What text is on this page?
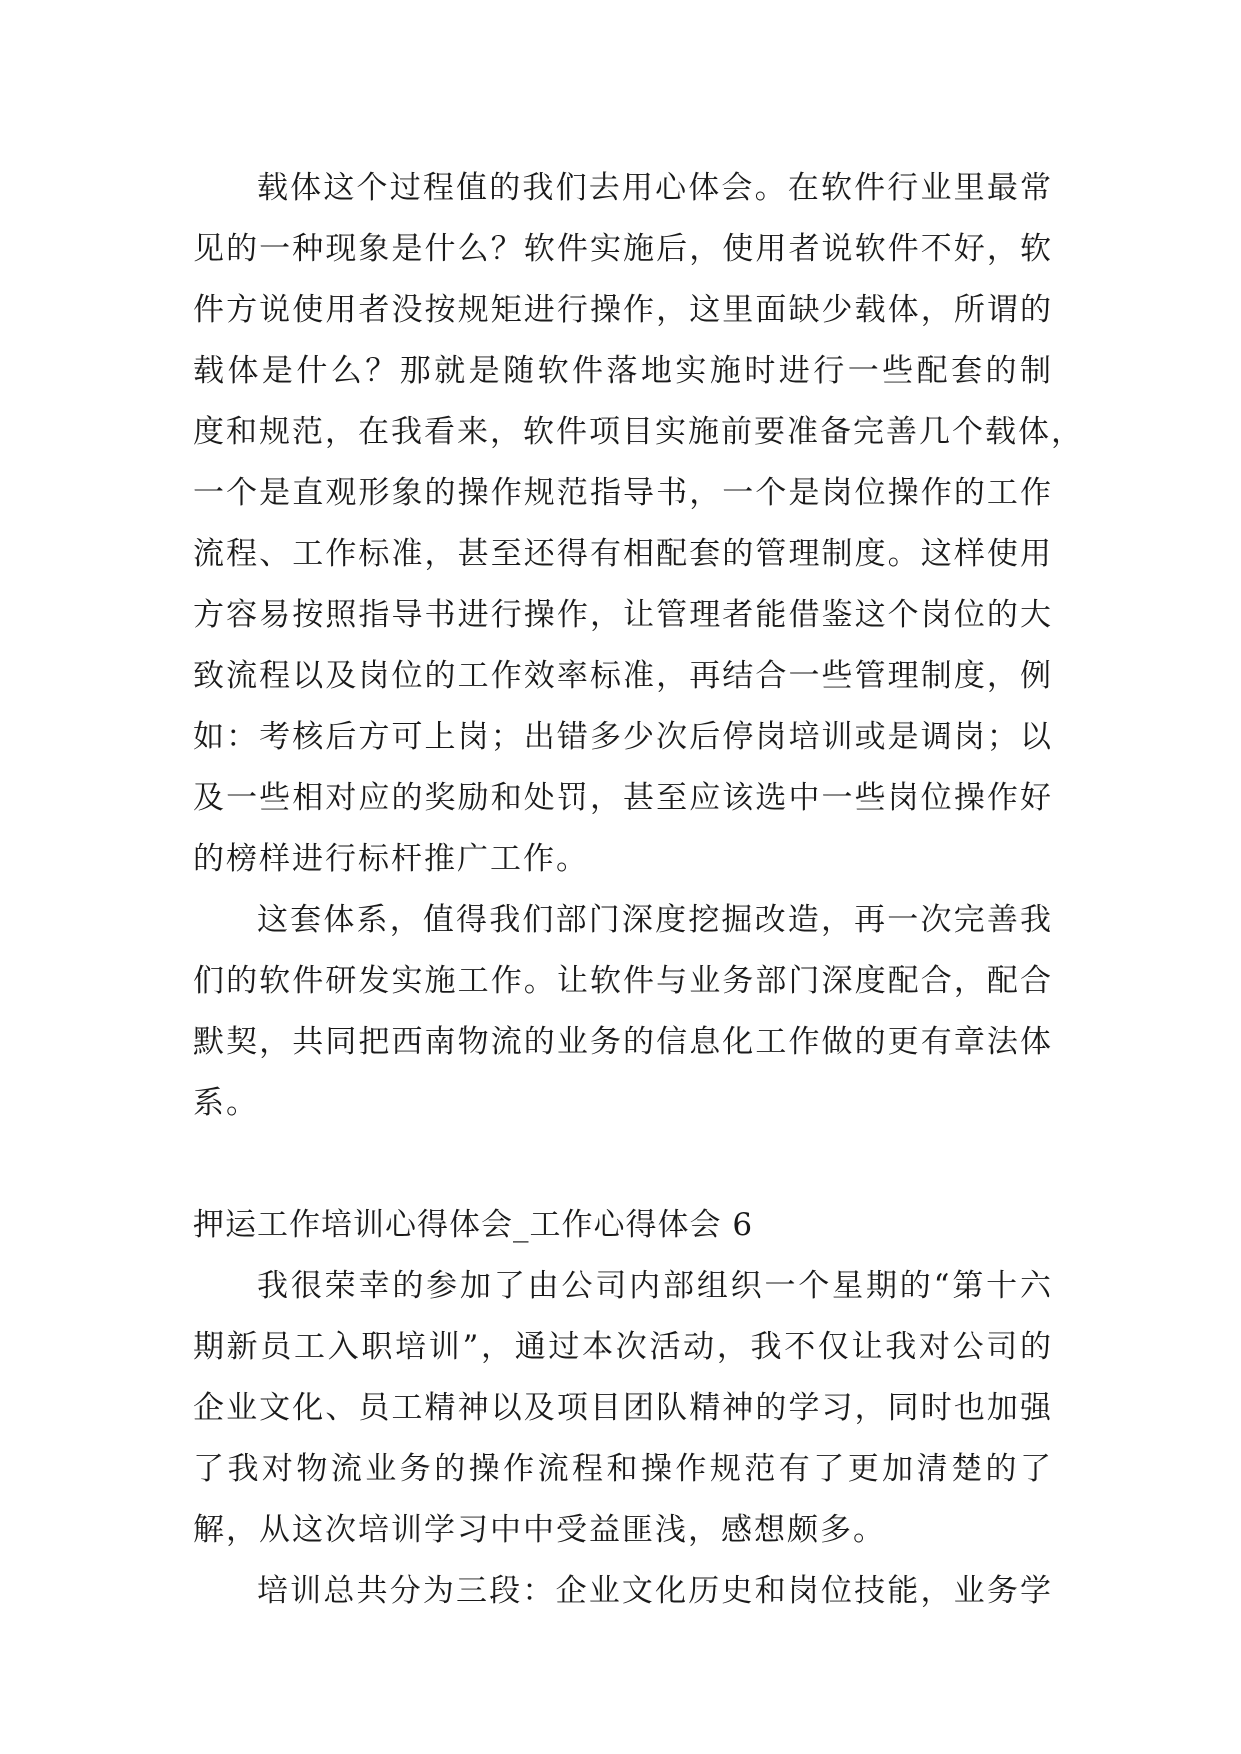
载体这个过程值的我们去用心体会。在软件行业里最常
见的一种现象是什么？软件实施后，使用者说软件不好，软
件方说使用者没按规矩进行操作，这里面缺少载体，所谓的
载体是什么？那就是随软件落地实施时进行一些配套的制
度和规范，在我看来，软件项目实施前要准备完善几个载体，
一个是直观形象的操作规范指导书，一个是岗位操作的工作
流程、工作标准，甚至还得有相配套的管理制度。这样使用
方容易按照指导书进行操作，让管理者能借鉴这个岗位的大
致流程以及岗位的工作效率标准，再结合一些管理制度，例
如：考核后方可上岗；出错多少次后停岗培训或是调岗；以
及一些相对应的奖励和处罚，甚至应该选中一些岗位操作好
的榜样进行标杆推广工作。
这套体系，值得我们部门深度挖掘改造，再一次完善我
们的软件研发实施工作。让软件与业务部门深度配合，配合
默契，共同把西南物流的业务的信息化工作做的更有章法体
系。
押运工作培训心得体会_工作心得体会 6
我很荣幸的参加了由公司内部组织一个星期的“第十六
期新员工入职培训”，通过本次活动，我不仅让我对公司的
企业文化、员工精神以及项目团队精神的学习，同时也加强
了我对物流业务的操作流程和操作规范有了更加清楚的了
解，从这次培训学习中中受益匪浅，感想颇多。
培训总共分为三段：企业文化历史和岗位技能，业务学
